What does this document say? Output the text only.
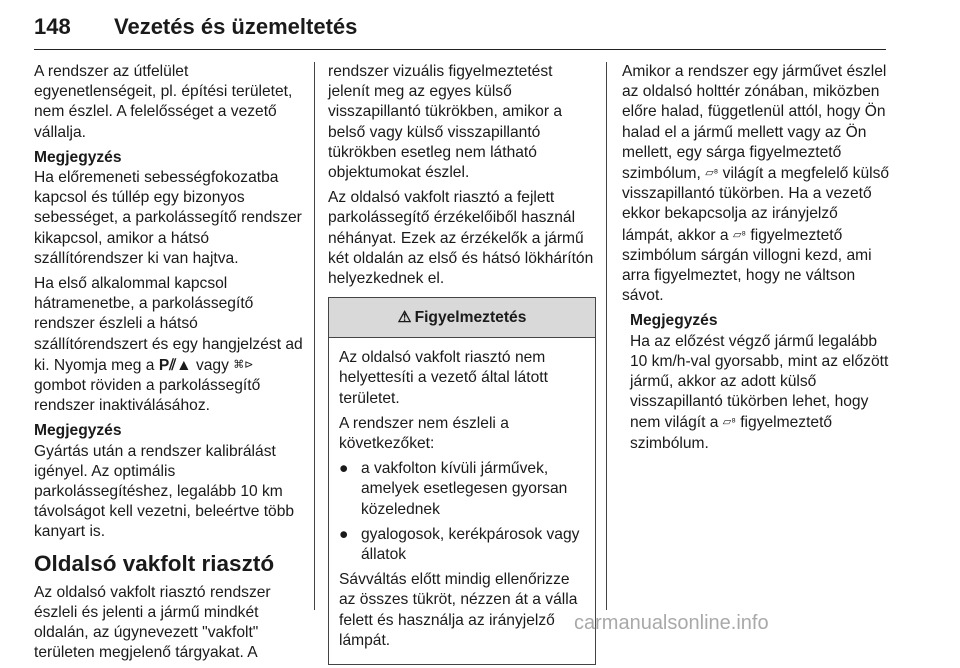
148 Vezetés és üzemeltetés

A rendszer az útfelület egyenetlenségeit, pl. építési területet, nem észlel. A felelősséget a vezető vállalja.

Megjegyzés

Ha előremeneti sebességfokozatba kapcsol és túllép egy bizonyos sebességet, a parkolássegítő rendszer kikapcsol, amikor a hátsó szállítórendszer ki van hajtva.

Ha első alkalommal kapcsol hátramenetbe, a parkolássegítő rendszer észleli a hátsó szállítórendszert és egy hangjelzést ad ki. Nyomja meg a P⫽▲ vagy ⌘⊳ gombot röviden a parkolássegítő rendszer inaktiválásához.

Megjegyzés

Gyártás után a rendszer kalibrálást igényel. Az optimális parkolássegítéshez, legalább 10 km távolságot kell vezetni, beleértve több kanyart is.

Oldalsó vakfolt riasztó

Az oldalsó vakfolt riasztó rendszer észleli és jelenti a jármű mindkét oldalán, az úgynevezett "vakfolt" területen megjelenő tárgyakat. A

rendszer vizuális figyelmeztetést jelenít meg az egyes külső visszapillantó tükrökben, amikor a belső vagy külső visszapillantó tükrökben esetleg nem látható objektumokat észlel.

Az oldalsó vakfolt riasztó a fejlett parkolássegítő érzékelőiből használ néhányat. Ezek az érzékelők a jármű két oldalán az első és hátsó lökhárítón helyezkednek el.

⚠ Figyelmeztetés

Az oldalsó vakfolt riasztó nem helyettesíti a vezető által látott területet.

A rendszer nem észleli a következőket:

● a vakfolton kívüli járművek, amelyek esetlegesen gyorsan közelednek
● gyalogosok, kerékpárosok vagy állatok

Sávváltás előtt mindig ellenőrizze az összes tükröt, nézzen át a válla felett és használja az irányjelző lámpát.

Amikor a rendszer egy járművet észlel az oldalsó holttér zónában, miközben előre halad, függetlenül attól, hogy Ön halad el a jármű mellett vagy az Ön mellett, egy sárga figyelmeztető szimbólum, ▱⁸ világít a megfelelő külső visszapillantó tükörben. Ha a vezető ekkor bekapcsolja az irányjelző lámpát, akkor a ▱⁸ figyelmeztető szimbólum sárgán villogni kezd, ami arra figyelmeztet, hogy ne váltson sávot.

Megjegyzés

Ha az előzést végző jármű legalább 10 km/h-val gyorsabb, mint az előzött jármű, akkor az adott külső visszapillantó tükörben lehet, hogy nem világít a ▱⁸ figyelmeztető szimbólum.

carmanualsonline.info
